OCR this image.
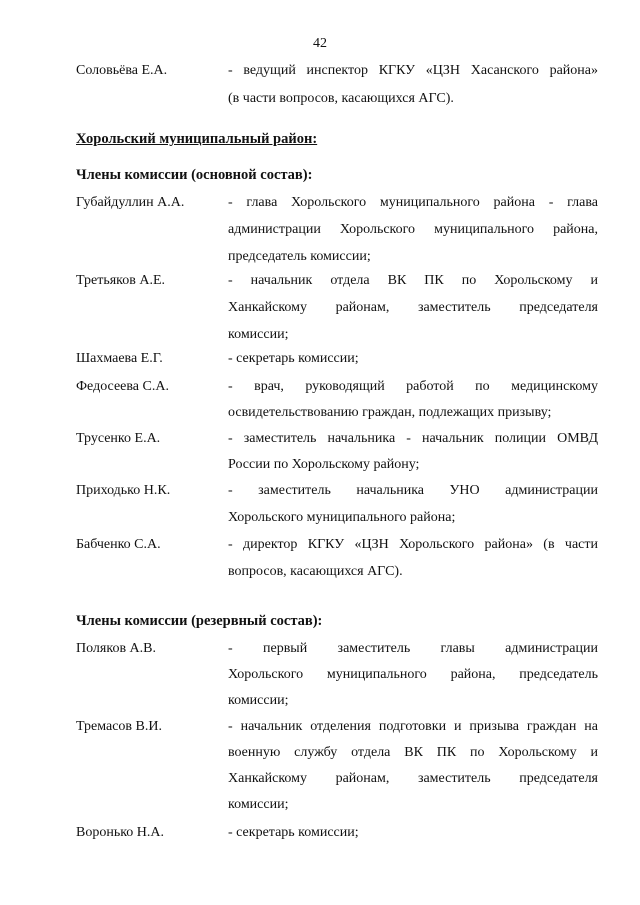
42
Соловьёва Е.А.	- ведущий инспектор КГКУ «ЦЗН Хасанского района»
(в части вопросов, касающихся АГС).
Хорольский муниципальный район:
Члены комиссии (основной состав):
Губайдуллин А.А.	- глава Хорольского муниципального района - глава
администрации Хорольского муниципального района,
председатель комиссии;
Третьяков А.Е.	- начальник отдела ВК ПК по Хорольскому и
Ханкайскому районам, заместитель председателя
комиссии;
Шахмаева Е.Г.	- секретарь комиссии;
Федосеева С.А.	- врач, руководящий работой по медицинскому
освидетельствованию граждан, подлежащих призыву;
Трусенко Е.А.	- заместитель начальника - начальник полиции ОМВД
России по Хорольскому району;
Приходько Н.К.	- заместитель начальника УНО администрации
Хорольского муниципального района;
Бабченко С.А.	- директор КГКУ «ЦЗН Хорольского района» (в части
вопросов, касающихся АГС).
Члены комиссии (резервный состав):
Поляков А.В.	- первый заместитель главы администрации
Хорольского муниципального района, председатель
комиссии;
Тремасов В.И.	- начальник отделения подготовки и призыва граждан на
военную службу отдела ВК ПК по Хорольскому и
Ханкайскому районам, заместитель председателя
комиссии;
Воронько Н.А.	- секретарь комиссии;
